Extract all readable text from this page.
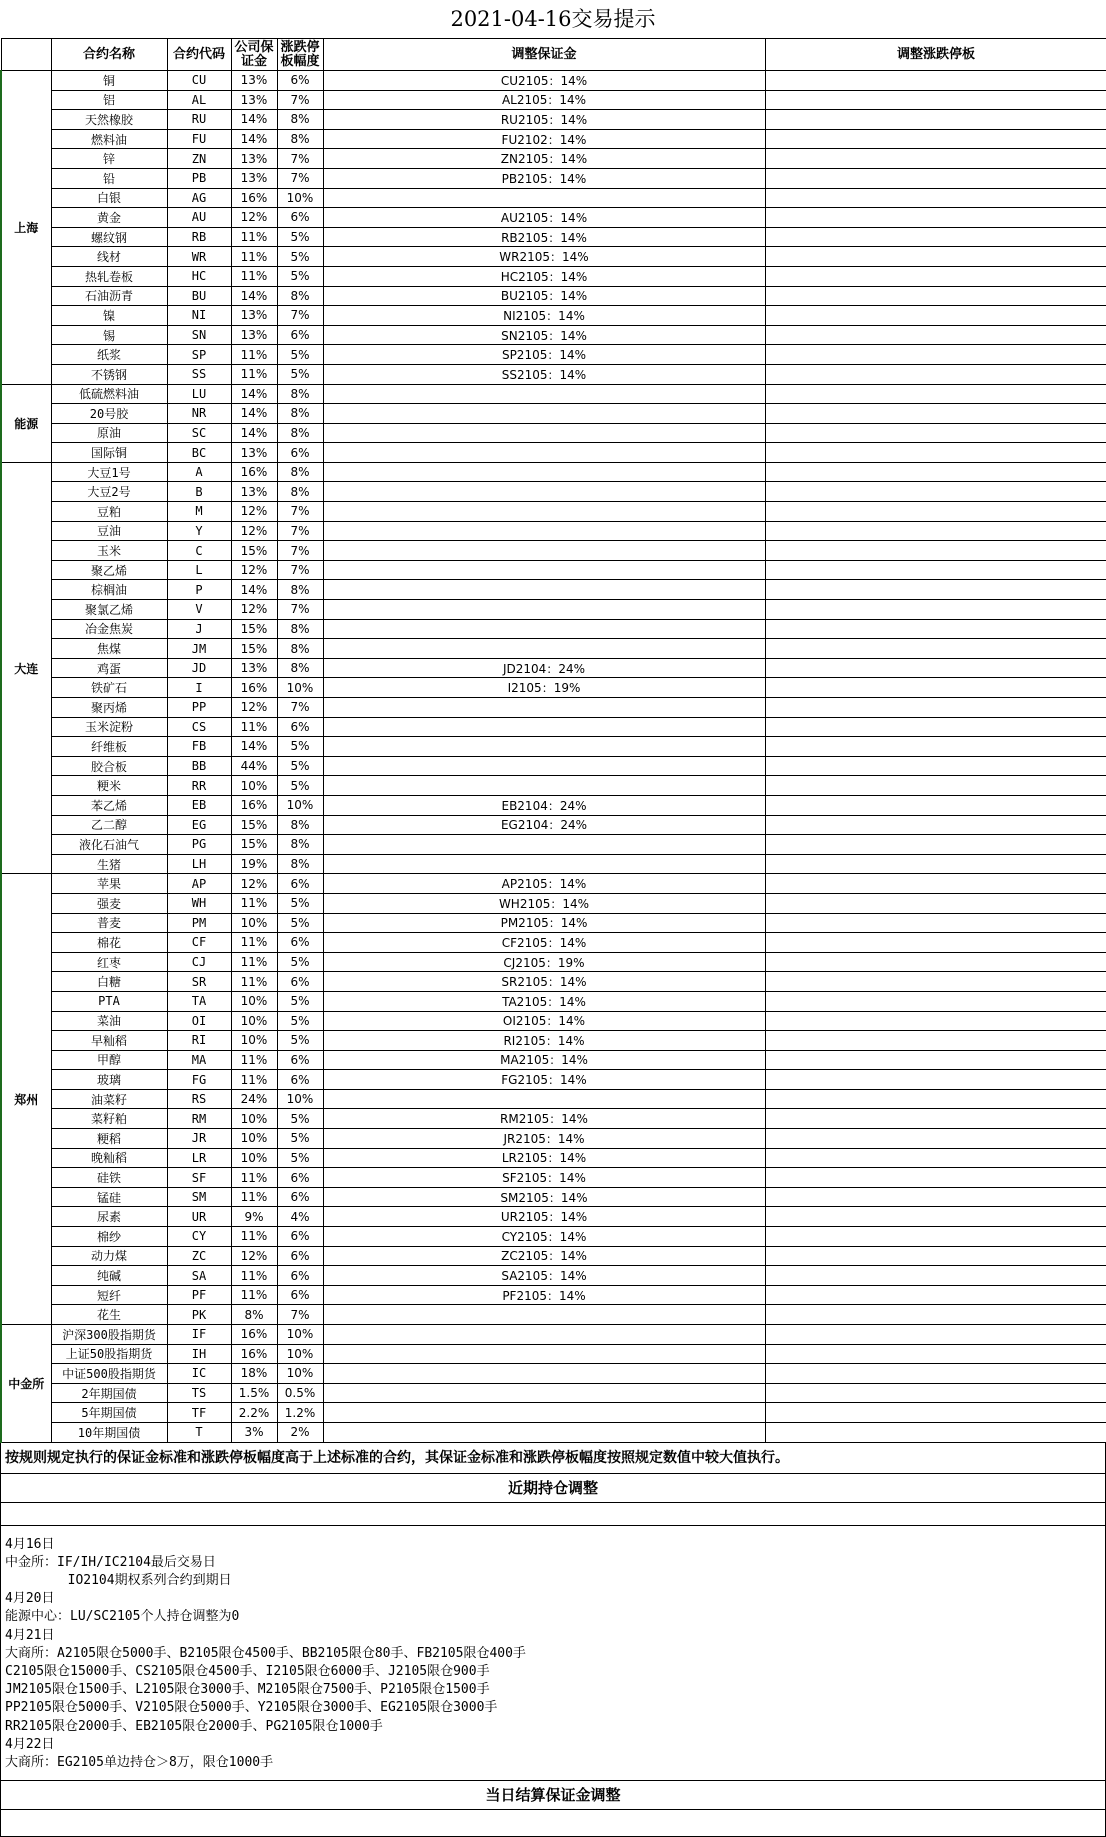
2021-04-16交易提示
	合约名称	合约代码	公司保证金	涨跌停板幅度	调整保证金	调整涨跌停板
上海	铜	CU	13%	6%	CU2105：14%	
	铝	AL	13%	7%	AL2105：14%	
	天然橡胶	RU	14%	8%	RU2105：14%	
	燃料油	FU	14%	8%	FU2102：14%	
	锌	ZN	13%	7%	ZN2105：14%	
	铅	PB	13%	7%	PB2105：14%	
	白银	AG	16%	10%		
	黄金	AU	12%	6%	AU2105：14%	
	螺纹钢	RB	11%	5%	RB2105：14%	
	线材	WR	11%	5%	WR2105：14%	
	热轧卷板	HC	11%	5%	HC2105：14%	
	石油沥青	BU	14%	8%	BU2105：14%	
	镍	NI	13%	7%	NI2105：14%	
	锡	SN	13%	6%	SN2105：14%	
	纸浆	SP	11%	5%	SP2105：14%	
	不锈钢	SS	11%	5%	SS2105：14%	
能源	低硫燃料油	LU	14%	8%		
	20号胶	NR	14%	8%		
	原油	SC	14%	8%		
	国际铜	BC	13%	6%		
大连	大豆1号	A	16%	8%		
	大豆2号	B	13%	8%		
	豆粕	M	12%	7%		
	豆油	Y	12%	7%		
	玉米	C	15%	7%		
	聚乙烯	L	12%	7%		
	棕榈油	P	14%	8%		
	聚氯乙烯	V	12%	7%		
	冶金焦炭	J	15%	8%		
	焦煤	JM	15%	8%		
	鸡蛋	JD	13%	8%	JD2104：24%	
	铁矿石	I	16%	10%	I2105：19%	
	聚丙烯	PP	12%	7%		
	玉米淀粉	CS	11%	6%		
	纤维板	FB	14%	5%		
	胶合板	BB	44%	5%		
	粳米	RR	10%	5%		
	苯乙烯	EB	16%	10%	EB2104：24%	
	乙二醇	EG	15%	8%	EG2104：24%	
	液化石油气	PG	15%	8%		
	生猪	LH	19%	8%		
郑州	苹果	AP	12%	6%	AP2105：14%	
	强麦	WH	11%	5%	WH2105：14%	
	普麦	PM	10%	5%	PM2105：14%	
	棉花	CF	11%	6%	CF2105：14%	
	红枣	CJ	11%	5%	CJ2105：19%	
	白糖	SR	11%	6%	SR2105：14%	
	PTA	TA	10%	5%	TA2105：14%	
	菜油	OI	10%	5%	OI2105：14%	
	早籼稻	RI	10%	5%	RI2105：14%	
	甲醇	MA	11%	6%	MA2105：14%	
	玻璃	FG	11%	6%	FG2105：14%	
	油菜籽	RS	24%	10%		
	菜籽粕	RM	10%	5%	RM2105：14%	
	粳稻	JR	10%	5%	JR2105：14%	
	晚籼稻	LR	10%	5%	LR2105：14%	
	硅铁	SF	11%	6%	SF2105：14%	
	锰硅	SM	11%	6%	SM2105：14%	
	尿素	UR	9%	4%	UR2105：14%	
	棉纱	CY	11%	6%	CY2105：14%	
	动力煤	ZC	12%	6%	ZC2105：14%	
	纯碱	SA	11%	6%	SA2105：14%	
	短纤	PF	11%	6%	PF2105：14%	
	花生	PK	8%	7%		
中金所	沪深300股指期货	IF	16%	10%		
	上证50股指期货	IH	16%	10%		
	中证500股指期货	IC	18%	10%		
	2年期国债	TS	1.5%	0.5%		
	5年期国债	TF	2.2%	1.2%		
	10年期国债	T	3%	2%		
按规则规定执行的保证金标准和涨跌停板幅度高于上述标准的合约，其保证金标准和涨跌停板幅度按照规定数值中较大值执行。
近期持仓调整
4月16日
中金所：IF/IH/IC2104最后交易日
IO2104期权系列合约到期日
4月20日
能源中心：LU/SC2105个人持仓调整为0
4月21日
大商所：A2105限仓5000手、B2105限仓4500手、BB2105限仓80手、FB2105限仓400手
C2105限仓15000手、CS2105限仓4500手、I2105限仓6000手、J2105限仓900手
JM2105限仓1500手、L2105限仓3000手、M2105限仓7500手、P2105限仓1500手
PP2105限仓5000手、V2105限仓5000手、Y2105限仓3000手、EG2105限仓3000手
RR2105限仓2000手、EB2105限仓2000手、PG2105限仓1000手
4月22日
大商所：EG2105单边持仓＞8万，限仓1000手
当日结算保证金调整
